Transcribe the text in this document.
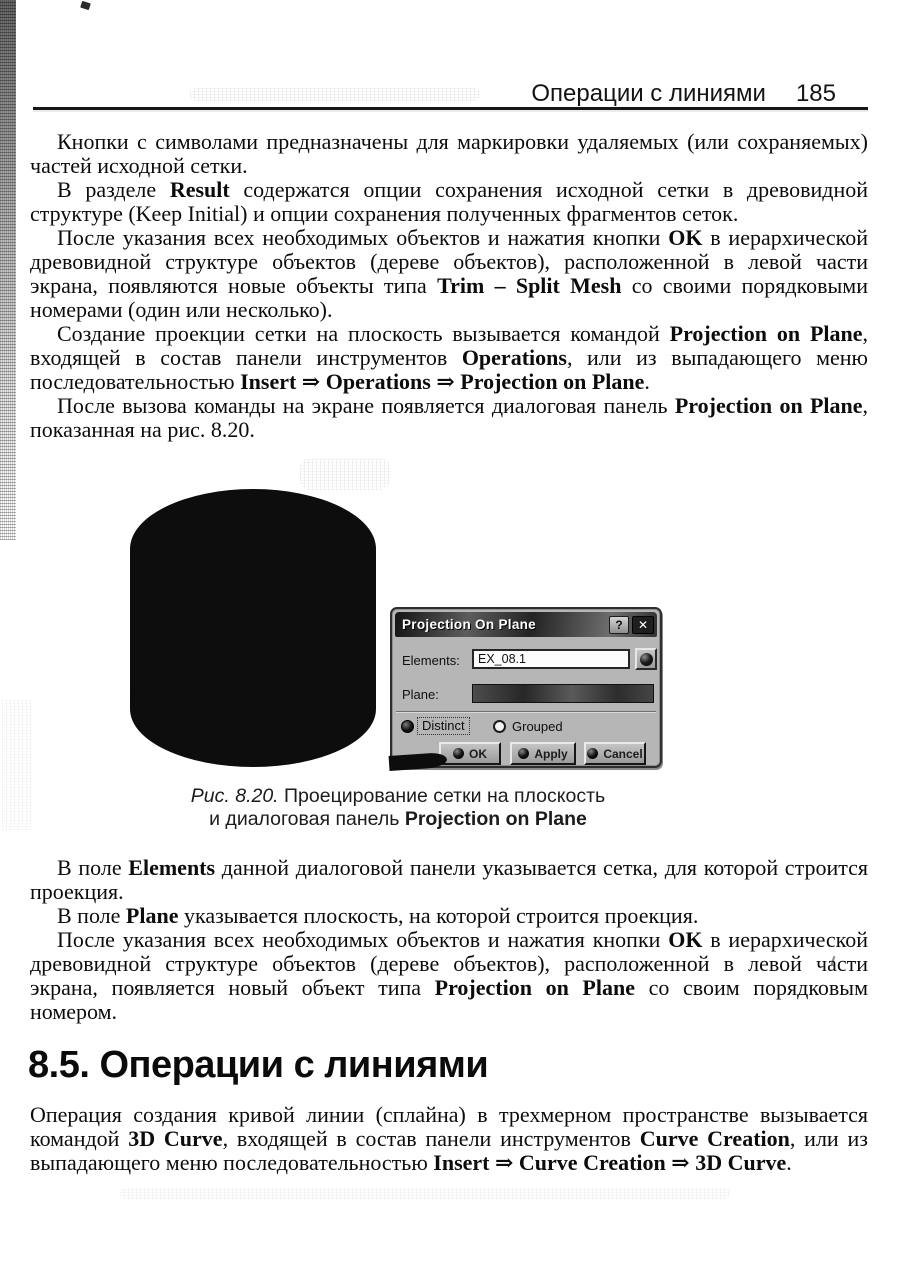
Операции с линиями 185

Кнопки с символами предназначены для маркировки удаляемых (или сохраняемых) частей исходной сетки.

В разделе Result содержатся опции сохранения исходной сетки в древовидной структуре (Keep Initial) и опции сохранения полученных фрагментов сеток.

После указания всех необходимых объектов и нажатия кнопки OK в иерархической древовидной структуре объектов (дереве объектов), расположенной в левой части экрана, появляются новые объекты типа Trim – Split Mesh со своими порядковыми номерами (один или несколько).

Создание проекции сетки на плоскость вызывается командой Projection on Plane, входящей в состав панели инструментов Operations, или из выпадающего меню последовательностью Insert ⇒ Operations ⇒ Projection on Plane.

После вызова команды на экране появляется диалоговая панель Projection on Plane, показанная на рис. 8.20.

Projection On Plane	?	✕
Elements:	EX_08.1
Plane:
Distinct	Grouped
OK	Apply	Cancel
Рис. 8.20. Проецирование сетки на плоскость
и диалоговая панель Projection on Plane

В поле Elements данной диалоговой панели указывается сетка, для которой строится проекция.

В поле Plane указывается плоскость, на которой строится проекция.

После указания всех необходимых объектов и нажатия кнопки OK в иерархической древовидной структуре объектов (дереве объектов), расположенной в левой части экрана, появляется новый объект типа Projection on Plane со своим порядковым номером.

8.5. Операции с линиями

Операция создания кривой линии (сплайна) в трехмерном пространстве вызывается командой 3D Curve, входящей в состав панели инструментов Curve Creation, или из выпадающего меню последовательностью Insert ⇒ Curve Creation ⇒ 3D Curve.
